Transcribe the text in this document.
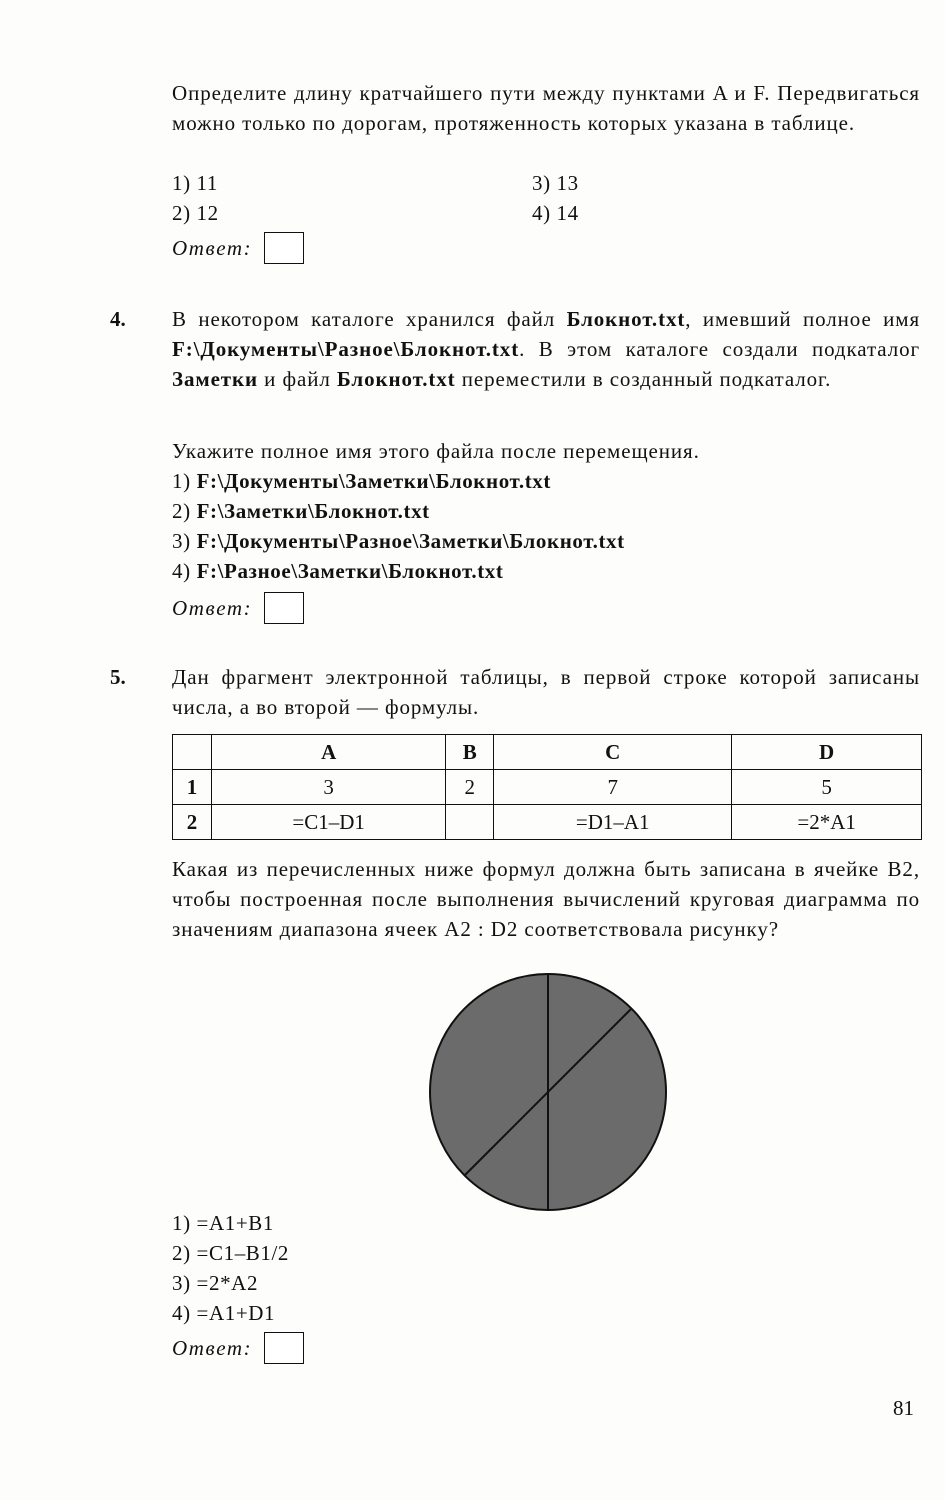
Определите длину кратчайшего пути между пунктами A и F. Передвигаться можно только по дорогам, протяженность которых указана в таблице.
1) 11	3) 13
2) 12	4) 14
Ответ:
4. В некотором каталоге хранился файл Блокнот.txt, имевший полное имя F:\Документы\Разное\Блокнот.txt. В этом каталоге создали подкаталог Заметки и файл Блокнот.txt переместили в созданный подкаталог.
Укажите полное имя этого файла после перемещения.
1) F:\Документы\Заметки\Блокнот.txt
2) F:\Заметки\Блокнот.txt
3) F:\Документы\Разное\Заметки\Блокнот.txt
4) F:\Разное\Заметки\Блокнот.txt
Ответ:
5. Дан фрагмент электронной таблицы, в первой строке которой записаны числа, а во второй — формулы.
	A	B	C	D
1	3	2	7	5
2	=C1–D1		=D1–A1	=2*A1
Какая из перечисленных ниже формул должна быть записана в ячейке B2, чтобы построенная после выполнения вычислений круговая диаграмма по значениям диапазона ячеек A2 : D2 соответствовала рисунку?
1) =A1+B1
2) =C1–B1/2
3) =2*A2
4) =A1+D1
Ответ:
81
